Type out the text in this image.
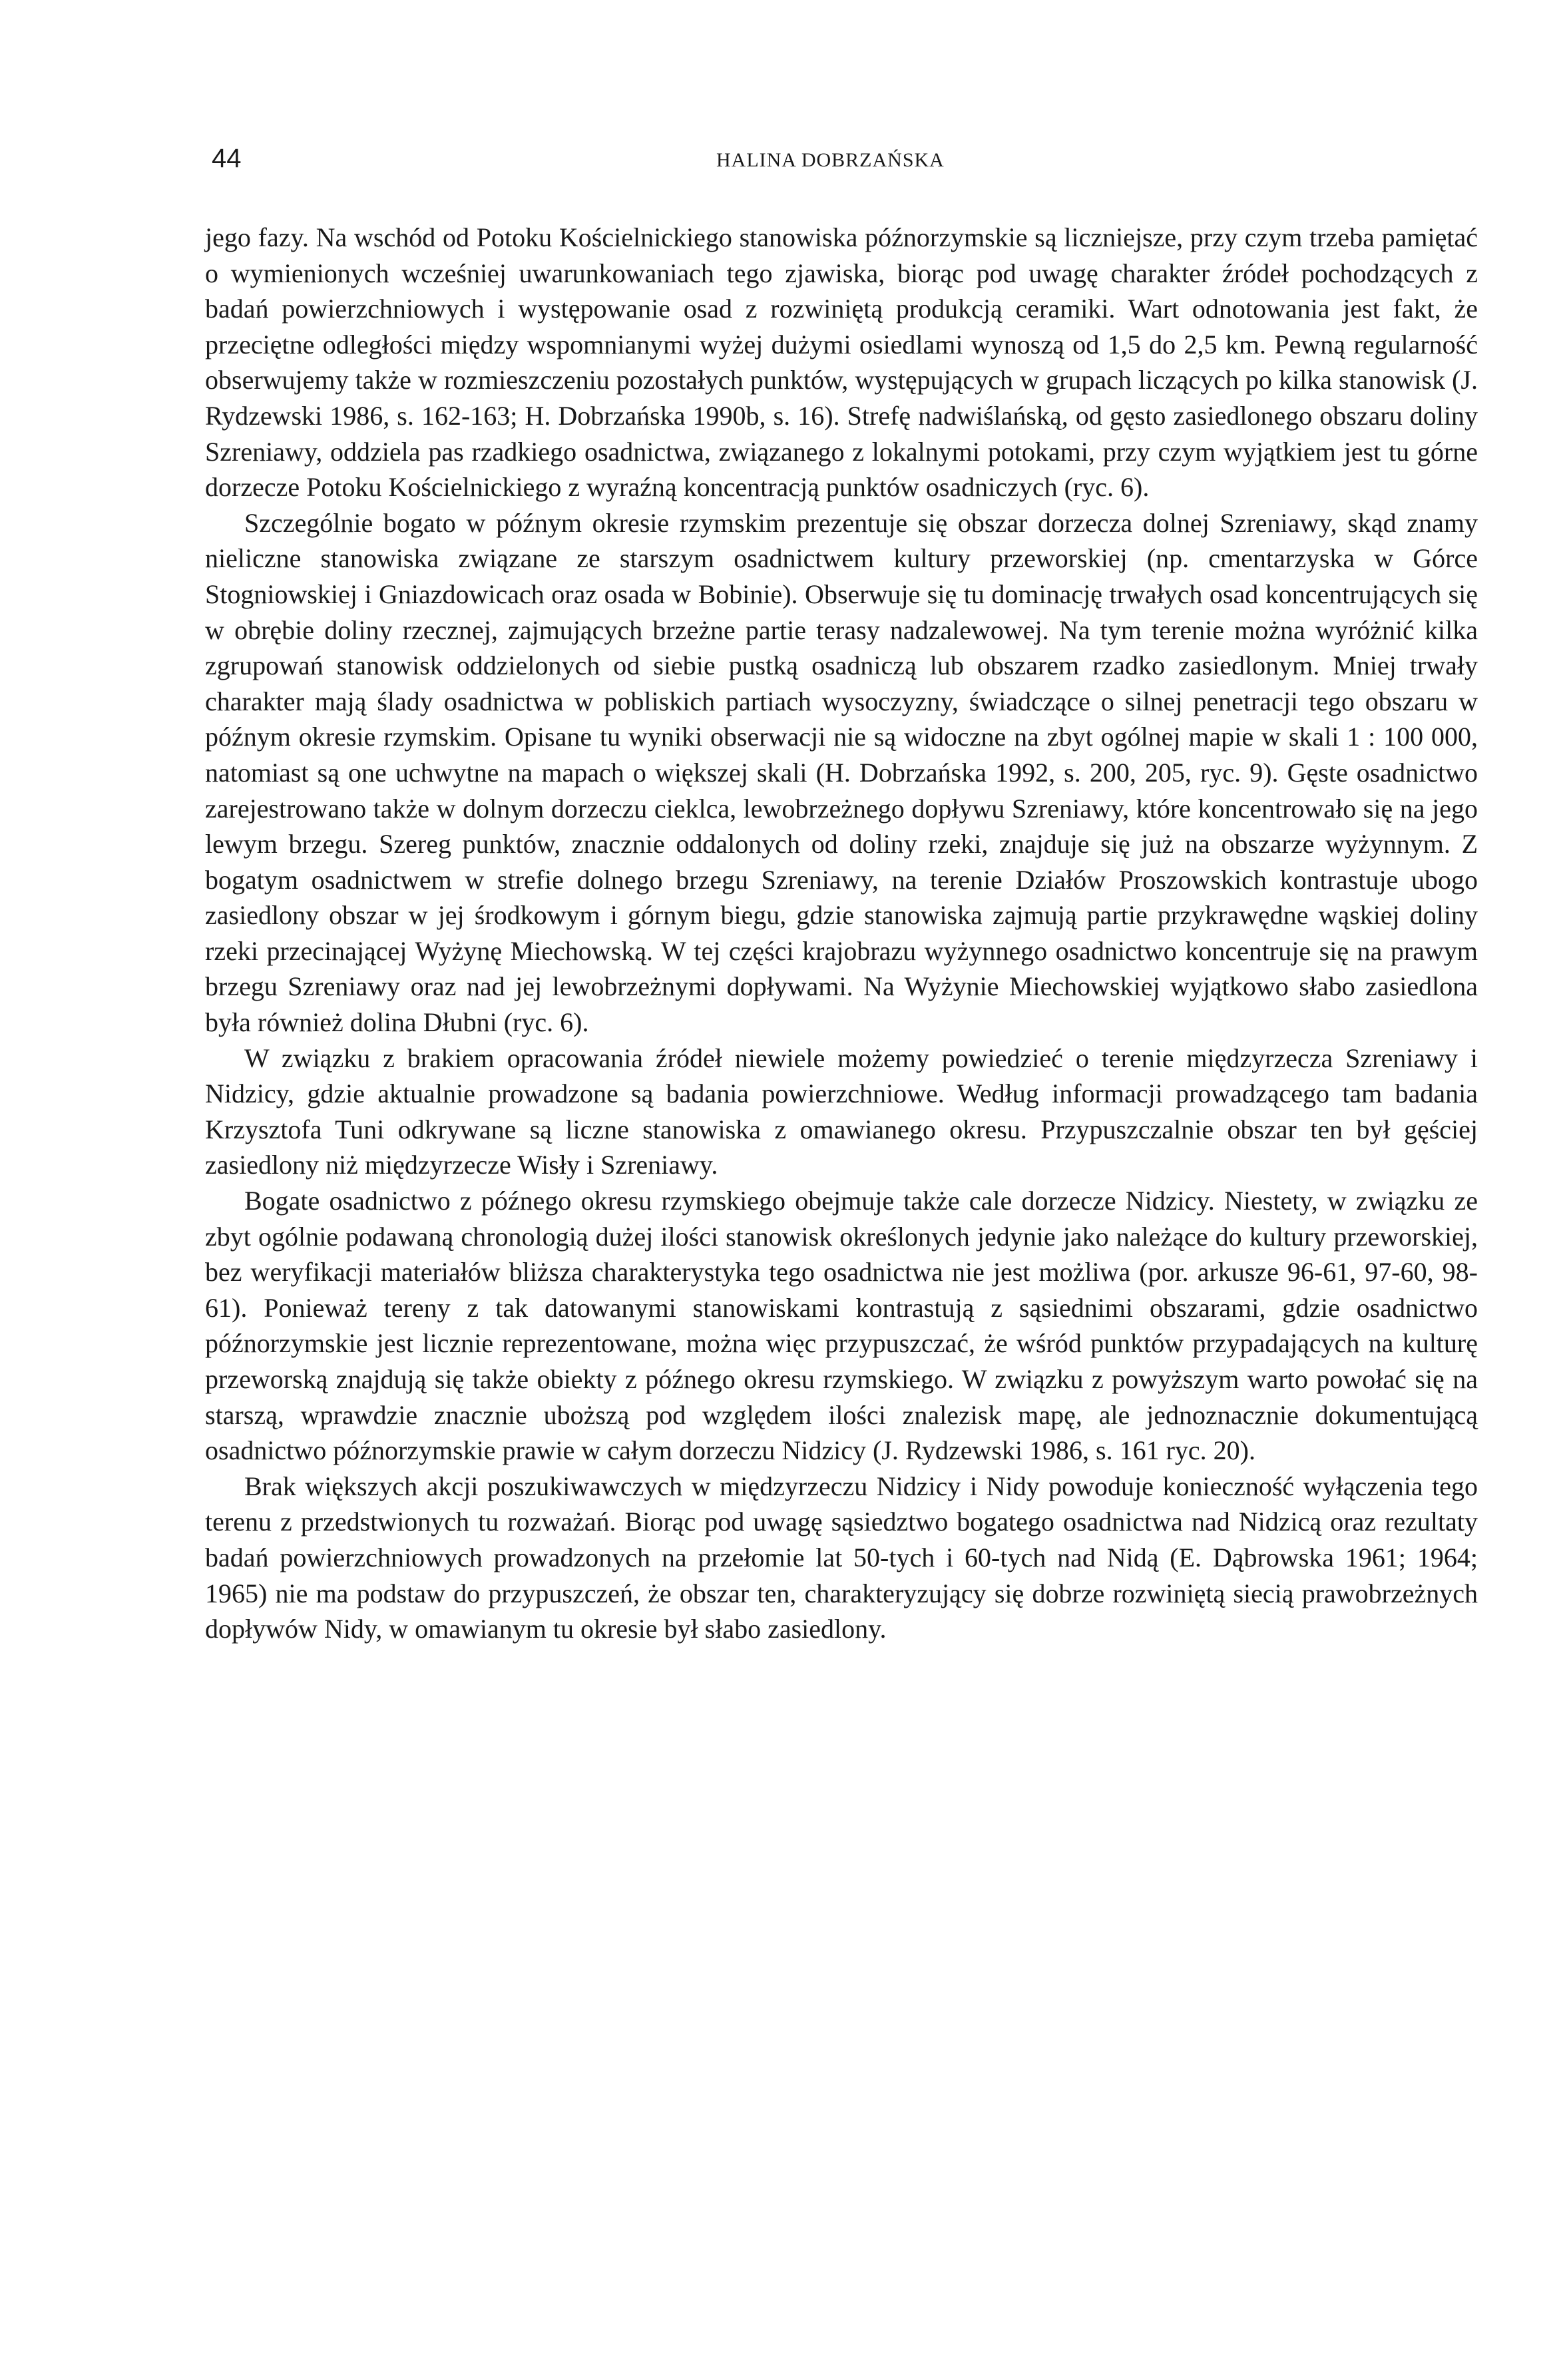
44	HALINA DOBRZAŃSKA

jego fazy. Na wschód od Potoku Kościelnickiego stanowiska późnorzymskie są liczniejsze, przy czym trzeba pamiętać o wymienionych wcześniej uwarunkowaniach tego zjawiska, biorąc pod uwagę charakter źródeł pochodzących z badań powierzchniowych i występowanie osad z rozwiniętą produkcją ceramiki. Wart odnotowania jest fakt, że przeciętne odległości między wspomnianymi wyżej dużymi osiedlami wynoszą od 1,5 do 2,5 km. Pewną regularność obserwujemy także w rozmieszczeniu pozostałych punktów, występujących w grupach liczących po kilka stanowisk (J. Rydzewski 1986, s. 162-163; H. Dobrzańska 1990b, s. 16). Strefę nadwiślańską, od gęsto zasiedlonego obszaru doliny Szreniawy, oddziela pas rzadkiego osadnictwa, związanego z lokalnymi potokami, przy czym wyjątkiem jest tu górne dorzecze Potoku Kościelnickiego z wyraźną koncentracją punktów osadniczych (ryc. 6).

Szczególnie bogato w późnym okresie rzymskim prezentuje się obszar dorzecza dolnej Szreniawy, skąd znamy nieliczne stanowiska związane ze starszym osadnictwem kultury przeworskiej (np. cmentarzyska w Górce Stogniowskiej i Gniazdowicach oraz osada w Bobinie). Obserwuje się tu dominację trwałych osad koncentrujących się w obrębie doliny rzecznej, zajmujących brzeżne partie terasy nadzalewowej. Na tym terenie można wyróżnić kilka zgrupowań stanowisk oddzielonych od siebie pustką osadniczą lub obszarem rzadko zasiedlonym. Mniej trwały charakter mają ślady osadnictwa w pobliskich partiach wysoczyzny, świadczące o silnej penetracji tego obszaru w późnym okresie rzymskim. Opisane tu wyniki obserwacji nie są widoczne na zbyt ogólnej mapie w skali 1 : 100 000, natomiast są one uchwytne na mapach o większej skali (H. Dobrzańska 1992, s. 200, 205, ryc. 9). Gęste osadnictwo zarejestrowano także w dolnym dorzeczu cieklca, lewobrzeżnego dopływu Szreniawy, które koncentrowało się na jego lewym brzegu. Szereg punktów, znacznie oddalonych od doliny rzeki, znajduje się już na obszarze wyżynnym. Z bogatym osadnictwem w strefie dolnego brzegu Szreniawy, na terenie Działów Proszowskich kontrastuje ubogo zasiedlony obszar w jej środkowym i górnym biegu, gdzie stanowiska zajmują partie przykrawędne wąskiej doliny rzeki przecinającej Wyżynę Miechowską. W tej części krajobrazu wyżynnego osadnictwo koncentruje się na prawym brzegu Szreniawy oraz nad jej lewobrzeżnymi dopływami. Na Wyżynie Miechowskiej wyjątkowo słabo zasiedlona była również dolina Dłubni (ryc. 6).

W związku z brakiem opracowania źródeł niewiele możemy powiedzieć o terenie międzyrzecza Szreniawy i Nidzicy, gdzie aktualnie prowadzone są badania powierzchniowe. Według informacji prowadzącego tam badania Krzysztofa Tuni odkrywane są liczne stanowiska z omawianego okresu. Przypuszczalnie obszar ten był gęściej zasiedlony niż międzyrzecze Wisły i Szreniawy.

Bogate osadnictwo z późnego okresu rzymskiego obejmuje także cale dorzecze Nidzicy. Niestety, w związku ze zbyt ogólnie podawaną chronologią dużej ilości stanowisk określonych jedynie jako należące do kultury przeworskiej, bez weryfikacji materiałów bliższa charakterystyka tego osadnictwa nie jest możliwa (por. arkusze 96-61, 97-60, 98-61). Ponieważ tereny z tak datowanymi stanowiskami kontrastują z sąsiednimi obszarami, gdzie osadnictwo późnorzymskie jest licznie reprezentowane, można więc przypuszczać, że wśród punktów przypadających na kulturę przeworską znajdują się także obiekty z późnego okresu rzymskiego. W związku z powyższym warto powołać się na starszą, wprawdzie znacznie uboższą pod względem ilości znalezisk mapę, ale jednoznacznie dokumentującą osadnictwo późnorzymskie prawie w całym dorzeczu Nidzicy (J. Rydzewski 1986, s. 161 ryc. 20).

Brak większych akcji poszukiwawczych w międzyrzeczu Nidzicy i Nidy powoduje konieczność wyłączenia tego terenu z przedstwionych tu rozważań. Biorąc pod uwagę sąsiedztwo bogatego osadnictwa nad Nidzicą oraz rezultaty badań powierzchniowych prowadzonych na przełomie lat 50-tych i 60-tych nad Nidą (E. Dąbrowska 1961; 1964; 1965) nie ma podstaw do przypuszczeń, że obszar ten, charakteryzujący się dobrze rozwiniętą siecią prawobrzeżnych dopływów Nidy, w omawianym tu okresie był słabo zasiedlony.
